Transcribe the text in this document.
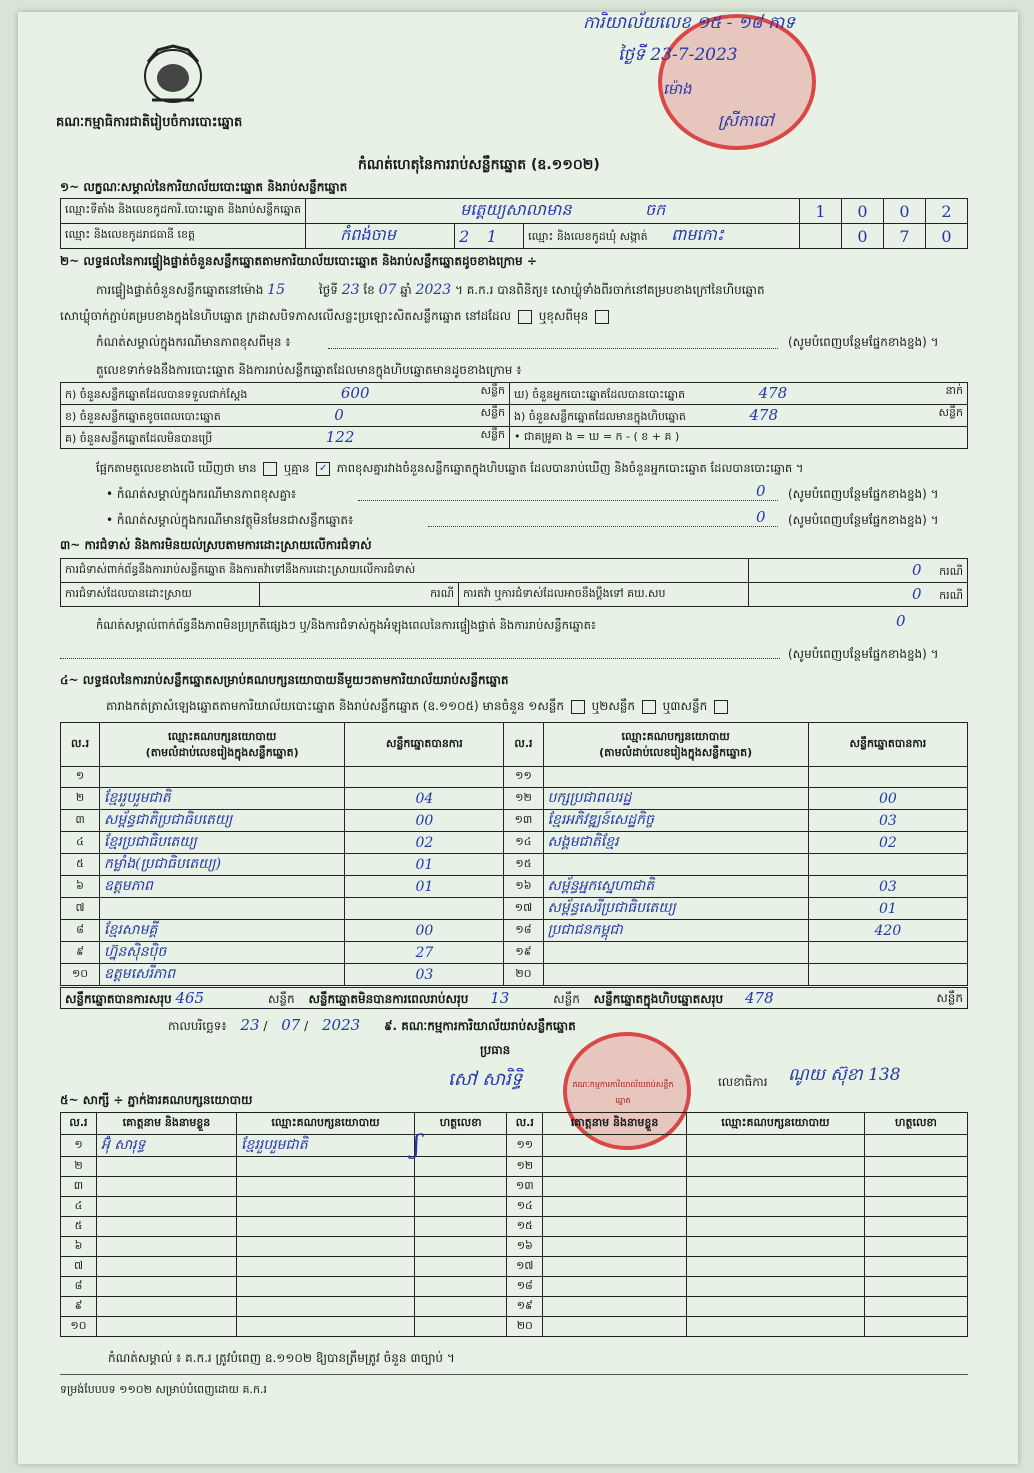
គណៈកម្មាធិការជាតិរៀបចំការបោះឆ្នោត
ការិយាល័យលេខ ១៥ - ១៨ កាទ
ថ្ងៃទី 23-7-2023
ម៉ោង
ស្រីកាបៅ
កំណត់ហេតុនៃការរាប់សន្លឹកឆ្នោត (ឧ.១១០២)
១~ លក្ខណៈសម្គាល់នៃការិយាល័យបោះឆ្នោត និងរាប់សន្លឹកឆ្នោត
ឈ្មោះទីតាំង និងលេខកូដការិ.បោះឆ្នោត និងរាប់សន្លឹកឆ្នោត	មត្តេយ្យសាលាមាន ចក			1	0	0	2
ឈ្មោះ និងលេខកូដរាជធានី ខេត្ត	កំពង់ចាម	2 1	ឈ្មោះ និងលេខកូដឃុំ សង្កាត់ ពាមកោះ		0	7	0
២~ លទ្ធផលនៃការផ្ទៀងផ្ទាត់ចំនួនសន្លឹកឆ្នោតតាមការិយាល័យបោះឆ្នោត និងរាប់សន្លឹកឆ្នោតដូចខាងក្រោម ÷
ការផ្ទៀងផ្ទាត់ចំនួនសន្លឹកឆ្នោតនៅម៉ោង 15	ថ្ងៃទី 23 ខែ 07 ឆ្នាំ 2023 ។ គ.ក.រ បានពិនិត្យ៖ សោឃ្លុំទាំងពីរចាក់នៅគម្របខាងក្រៅនៃហិបឆ្នោត
សោឃ្លុំចាក់ភ្ជាប់គម្របខាងក្នុងនៃហិបឆ្នោត ក្រដាសបិទភាសលើសន្លះប្រឡោះសិតសន្លឹកឆ្នោត នៅដដែល ឬខុសពីមុន
កំណត់សម្គាល់ក្នុងករណីមានភាពខុសពីមុន ៖	(សូមបំពេញបន្ថែមផ្នែកខាងខ្នង) ។
តួលេខទាក់ទងនឹងការបោះឆ្នោត និងការរាប់សន្លឹកឆ្នោតដែលមានក្នុងហិបឆ្នោតមានដូចខាងក្រោម ៖
ក) ចំនួនសន្លឹកឆ្នោតដែលបានទទួលជាក់ស្តែង 600 សន្លឹក	ឃ) ចំនួនអ្នកបោះឆ្នោតដែលបានបោះឆ្នោត 478 នាក់

ខ) ចំនួនសន្លឹកឆ្នោតខូចពេលបោះឆ្នោត 0 សន្លឹក	ង) ចំនួនសន្លឹកឆ្នោតដែលមានក្នុងហិបឆ្នោត 478 សន្លឹក

គ) ចំនួនសន្លឹកឆ្នោតដែលមិនបានប្រើ 122 សន្លឹក	• ជាគម្រូគា ង = ឃ = ក - ( ខ + គ )
ផ្អែកតាមតួលេខខាងលើ ឃើញថា មាន ឬគ្មាន ✓ ភាពខុសគ្នារវាងចំនួនសន្លឹកឆ្នោតក្នុងហិបឆ្នោត ដែលបានរាប់ឃើញ និងចំនួនអ្នកបោះឆ្នោត ដែលបានបោះឆ្នោត ។
• កំណត់សម្គាល់ក្នុងករណីមានភាពខុសគ្នា៖	0 (សូមបំពេញបន្ថែមផ្នែកខាងខ្នង) ។
• កំណត់សម្គាល់ក្នុងករណីមានវត្ថុមិនមែនជាសន្លឹកឆ្នោត៖	0 (សូមបំពេញបន្ថែមផ្នែកខាងខ្នង) ។
៣~ ការជំទាស់ និងការមិនយល់ស្របតាមការដោះស្រាយលើការជំទាស់
ការជំទាស់ពាក់ព័ន្ធនឹងការរាប់សន្លឹកឆ្នោត និងការតវ៉ាទៅនឹងការដោះស្រាយលើការជំទាស់			0 ករណី
ការជំទាស់ដែលបានដោះស្រាយ	ករណី	ការតវ៉ា ឬការជំទាស់ដែលអាចនឹងប្តឹងទៅ គឃ.សប	0 ករណី
កំណត់សម្គាល់ពាក់ព័ន្ធនឹងភាពមិនប្រក្រតីផ្សេងៗ ឬ/និងការជំទាស់ក្នុងអំឡុងពេលនៃការផ្ទៀងផ្ទាត់ និងការរាប់សន្លឹកឆ្នោត៖	0
(សូមបំពេញបន្ថែមផ្នែកខាងខ្នង) ។
៤~ លទ្ធផលនៃការរាប់សន្លឹកឆ្នោតសម្រាប់គណបក្សនយោបាយនីមួយៗតាមការិយាល័យរាប់សន្លឹកឆ្នោត
តារាងកត់ត្រាសំឡេងឆ្នោតតាមការិយាល័យបោះឆ្នោត និងរាប់សន្លឹកឆ្នោត (ឧ.១១០៥) មានចំនួន ១សន្លឹក ឬ២សន្លឹក ឬ៣សន្លឹក
ល.រ	ឈ្មោះគណបក្សនយោបាយ
(តាមលំដាប់លេខរៀងក្នុងសន្លឹកឆ្នោត)	សន្លឹកឆ្នោតបានការ	ល.រ	ឈ្មោះគណបក្សនយោបាយ
(តាមលំដាប់លេខរៀងក្នុងសន្លឹកឆ្នោត)	សន្លឹកឆ្នោតបានការ
១			១១		
២	ខ្មែររួបរួមជាតិ	04	១២	បក្សប្រជាពលរដ្ឋ	00
៣	សម្ព័ន្ធជាតិប្រជាធិបតេយ្យ	00	១៣	ខ្មែរអភិវឌ្ឍន៍សេដ្ឋកិច្ច	03
៤	ខ្មែរប្រជាធិបតេយ្យ	02	១៤	សង្គមជាតិខ្មែរ	02
៥	កម្លាំង(ប្រជាធិបតេយ្យ)	01	១៥		
៦	ឧត្តមភាព	01	១៦	សម្ព័ន្ធអ្នកស្នេហាជាតិ	03
៧			១៧	សម្ព័ន្ធសេរីប្រជាធិបតេយ្យ	01
៨	ខ្មែរសាមគ្គី	00	១៨	ប្រជាជនកម្ពុជា	420
៩	ហ្វ៊ុនស៊ិនប៉ិច	27	១៩		
១០	ឧត្តមសេរីភាព	03	២០		
សន្លឹកឆ្នោតបានការសរុប 465	សន្លឹក សន្លឹកឆ្នោតមិនបានការពេលរាប់សរុប 13	សន្លឹក សន្លឹកឆ្នោតក្នុងហិបឆ្នោតសរុប 478	សន្លឹក
កាលបរិច្ឆេទ៖ 23 / 07 / 2023 ៩. គណៈកម្មការការិយាល័យរាប់សន្លឹកឆ្នោត
គណៈកម្មការការិយាល័យរាប់សន្លឹកឆ្នោត
ប្រធាន
សៅ សារិទ្ធិ	លេខាធិការ ណូយ ស៊ុខា 138
៥~ សាក្សី ÷ ភ្នាក់ងារគណបក្សនយោបាយ
ល.រ	គោត្តនាម និងនាមខ្លួន	ឈ្មោះគណបក្សនយោបាយ	ហត្ថលេខា	ល.រ	គោត្តនាម និងនាមខ្លួន	ឈ្មោះគណបក្សនយោបាយ	ហត្ថលេខា
១	អ៊ុំ សារុទ្ធ	ខ្មែររួបរួមជាតិ		១១			
២				១២			
៣				១៣			
៤				១៤			
៥				១៥			
៦				១៦			
៧				១៧			
៨				១៨			
៩				១៩			
១០				២០			
ʃ
កំណត់សម្គាល់ ៖ គ.ក.រ ត្រូវបំពេញ ឧ.១១០២ ឱ្យបានត្រឹមត្រូវ ចំនួន ៣ច្បាប់ ។
ទម្រង់បែបបទ ១១០២ សម្រាប់បំពេញដោយ គ.ក.រ
